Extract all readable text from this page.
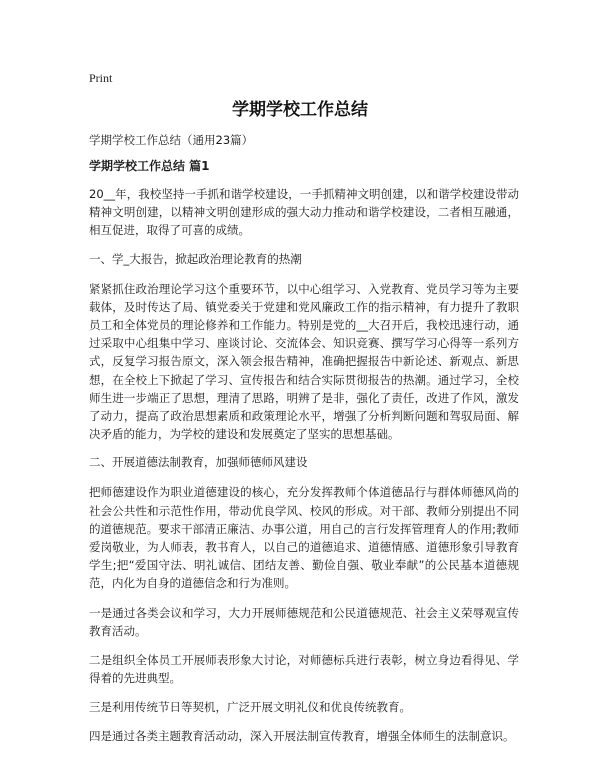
Print
学期学校工作总结

学期学校工作总结（通用23篇）

学期学校工作总结 篇1

20__年，我校坚持一手抓和谐学校建设，一手抓精神文明创建，以和谐学校建设带动精神文明创建，以精神文明创建形成的强大动力推动和谐学校建设，二者相互融通，相互促进，取得了可喜的成绩。

一、学_大报告，掀起政治理论教育的热潮

紧紧抓住政治理论学习这个重要环节，以中心组学习、入党教育、党员学习等为主要载体，及时传达了局、镇党委关于党建和党风廉政工作的指示精神，有力提升了教职员工和全体党员的理论修养和工作能力。特别是党的__大召开后，我校迅速行动，通过采取中心组集中学习、座谈讨论、交流体会、知识竞赛、撰写学习心得等一系列方式，反复学习报告原文，深入领会报告精神，准确把握报告中新论述、新观点、新思想，在全校上下掀起了学习、宣传报告和结合实际贯彻报告的热潮。通过学习，全校师生进一步端正了思想，理清了思路，明辨了是非，强化了责任，改进了作风，激发了动力，提高了政治思想素质和政策理论水平，增强了分析判断问题和驾驭局面、解决矛盾的能力，为学校的建设和发展奠定了坚实的思想基础。

二、开展道德法制教育，加强师德师风建设

把师德建设作为职业道德建设的核心，充分发挥教师个体道德品行与群体师德风尚的社会公共性和示范性作用，带动优良学风、校风的形成。对干部、教师分别提出不同的道德规范。要求干部清正廉洁、办事公道，用自己的言行发挥管理育人的作用;教师爱岗敬业，为人师表，教书育人，以自己的道德追求、道德情感、道德形象引导教育学生;把“爱国守法、明礼诚信、团结友善、勤俭自强、敬业奉献”的公民基本道德规范，内化为自身的道德信念和行为准则。

一是通过各类会议和学习，大力开展师德规范和公民道德规范、社会主义荣辱观宣传教育活动。

二是组织全体员工开展师表形象大讨论，对师德标兵进行表彰，树立身边看得见、学得着的先进典型。

三是利用传统节日等契机，广泛开展文明礼仪和优良传统教育。

四是通过各类主题教育活动动，深入开展法制宣传教育，增强全体师生的法制意识。
